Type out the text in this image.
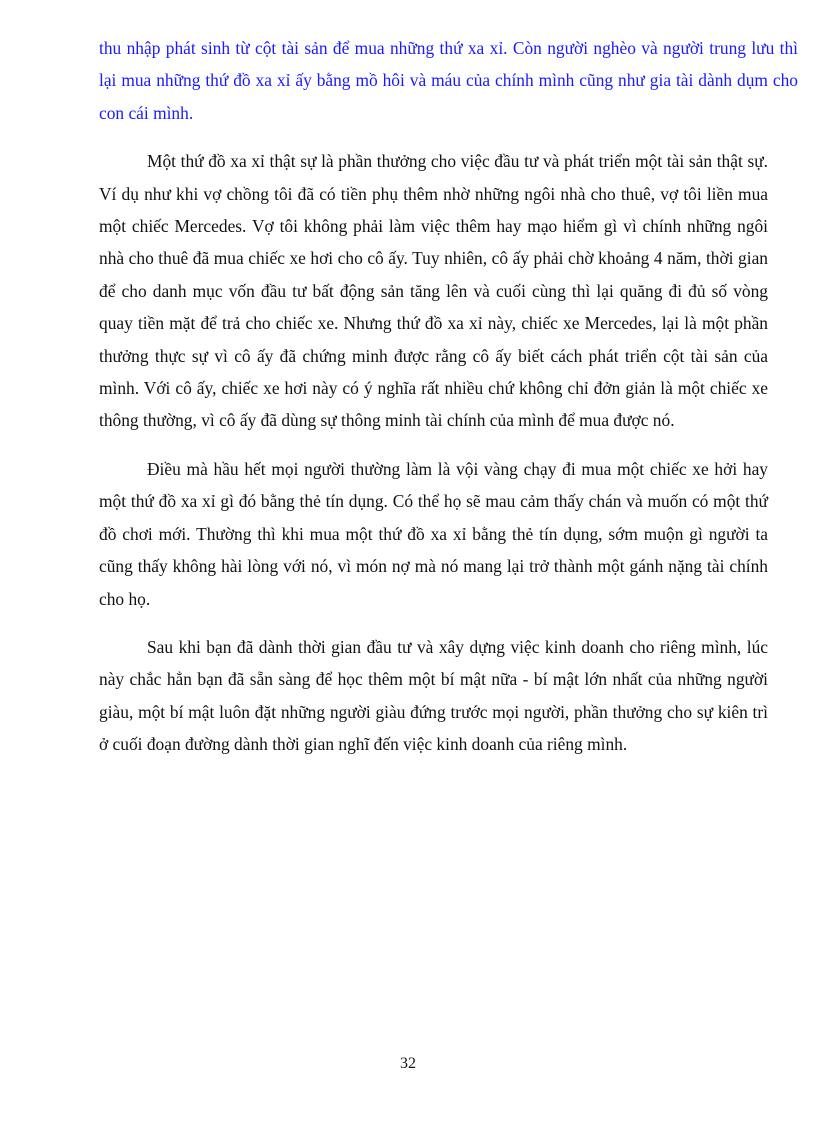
thu nhập phát sinh từ cột tài sản để mua những thứ xa xỉ. Còn người nghèo và người trung lưu thì lại mua những thứ đồ xa xỉ ấy bằng mồ hôi và máu của chính mình cũng như gia tài dành dụm cho con cái mình.

Một thứ đồ xa xỉ thật sự là phần thưởng cho việc đầu tư và phát triển một tài sản thật sự. Ví dụ như khi vợ chồng tôi đã có tiền phụ thêm nhờ những ngôi nhà cho thuê, vợ tôi liền mua một chiếc Mercedes. Vợ tôi không phải làm việc thêm hay mạo hiểm gì vì chính những ngôi nhà cho thuê đã mua chiếc xe hơi cho cô ấy. Tuy nhiên, cô ấy phải chờ khoảng 4 năm, thời gian để cho danh mục vốn đầu tư bất động sản tăng lên và cuối cùng thì lại quăng đi đủ số vòng quay tiền mặt để trả cho chiếc xe. Nhưng thứ đồ xa xỉ này, chiếc xe Mercedes, lại là một phần thưởng thực sự vì cô ấy đã chứng minh được rằng cô ấy biết cách phát triển cột tài sản của mình. Với cô ấy, chiếc xe hơi này có ý nghĩa rất nhiều chứ không chỉ đởn giản là một chiếc xe thông thường, vì cô ấy đã dùng sự thông minh tài chính của mình để mua được nó.

Điều mà hầu hết mọi người thường làm là vội vàng chạy đi mua một chiếc xe hởi hay một thứ đồ xa xỉ gì đó bằng thẻ tín dụng. Có thể họ sẽ mau cảm thấy chán và muốn có một thứ đồ chơi mới. Thường thì khi mua một thứ đồ xa xỉ bằng thẻ tín dụng, sớm muộn gì người ta cũng thấy không hài lòng với nó, vì món nợ mà nó mang lại trở thành một gánh nặng tài chính cho họ.

Sau khi bạn đã dành thời gian đầu tư và xây dựng việc kinh doanh cho riêng mình, lúc này chắc hẳn bạn đã sẵn sàng để học thêm một bí mật nữa - bí mật lớn nhất của những người giàu, một bí mật luôn đặt những người giàu đứng trước mọi người, phần thưởng cho sự kiên trì ở cuối đoạn đường dành thời gian nghĩ đến việc kinh doanh của riêng mình.

32
